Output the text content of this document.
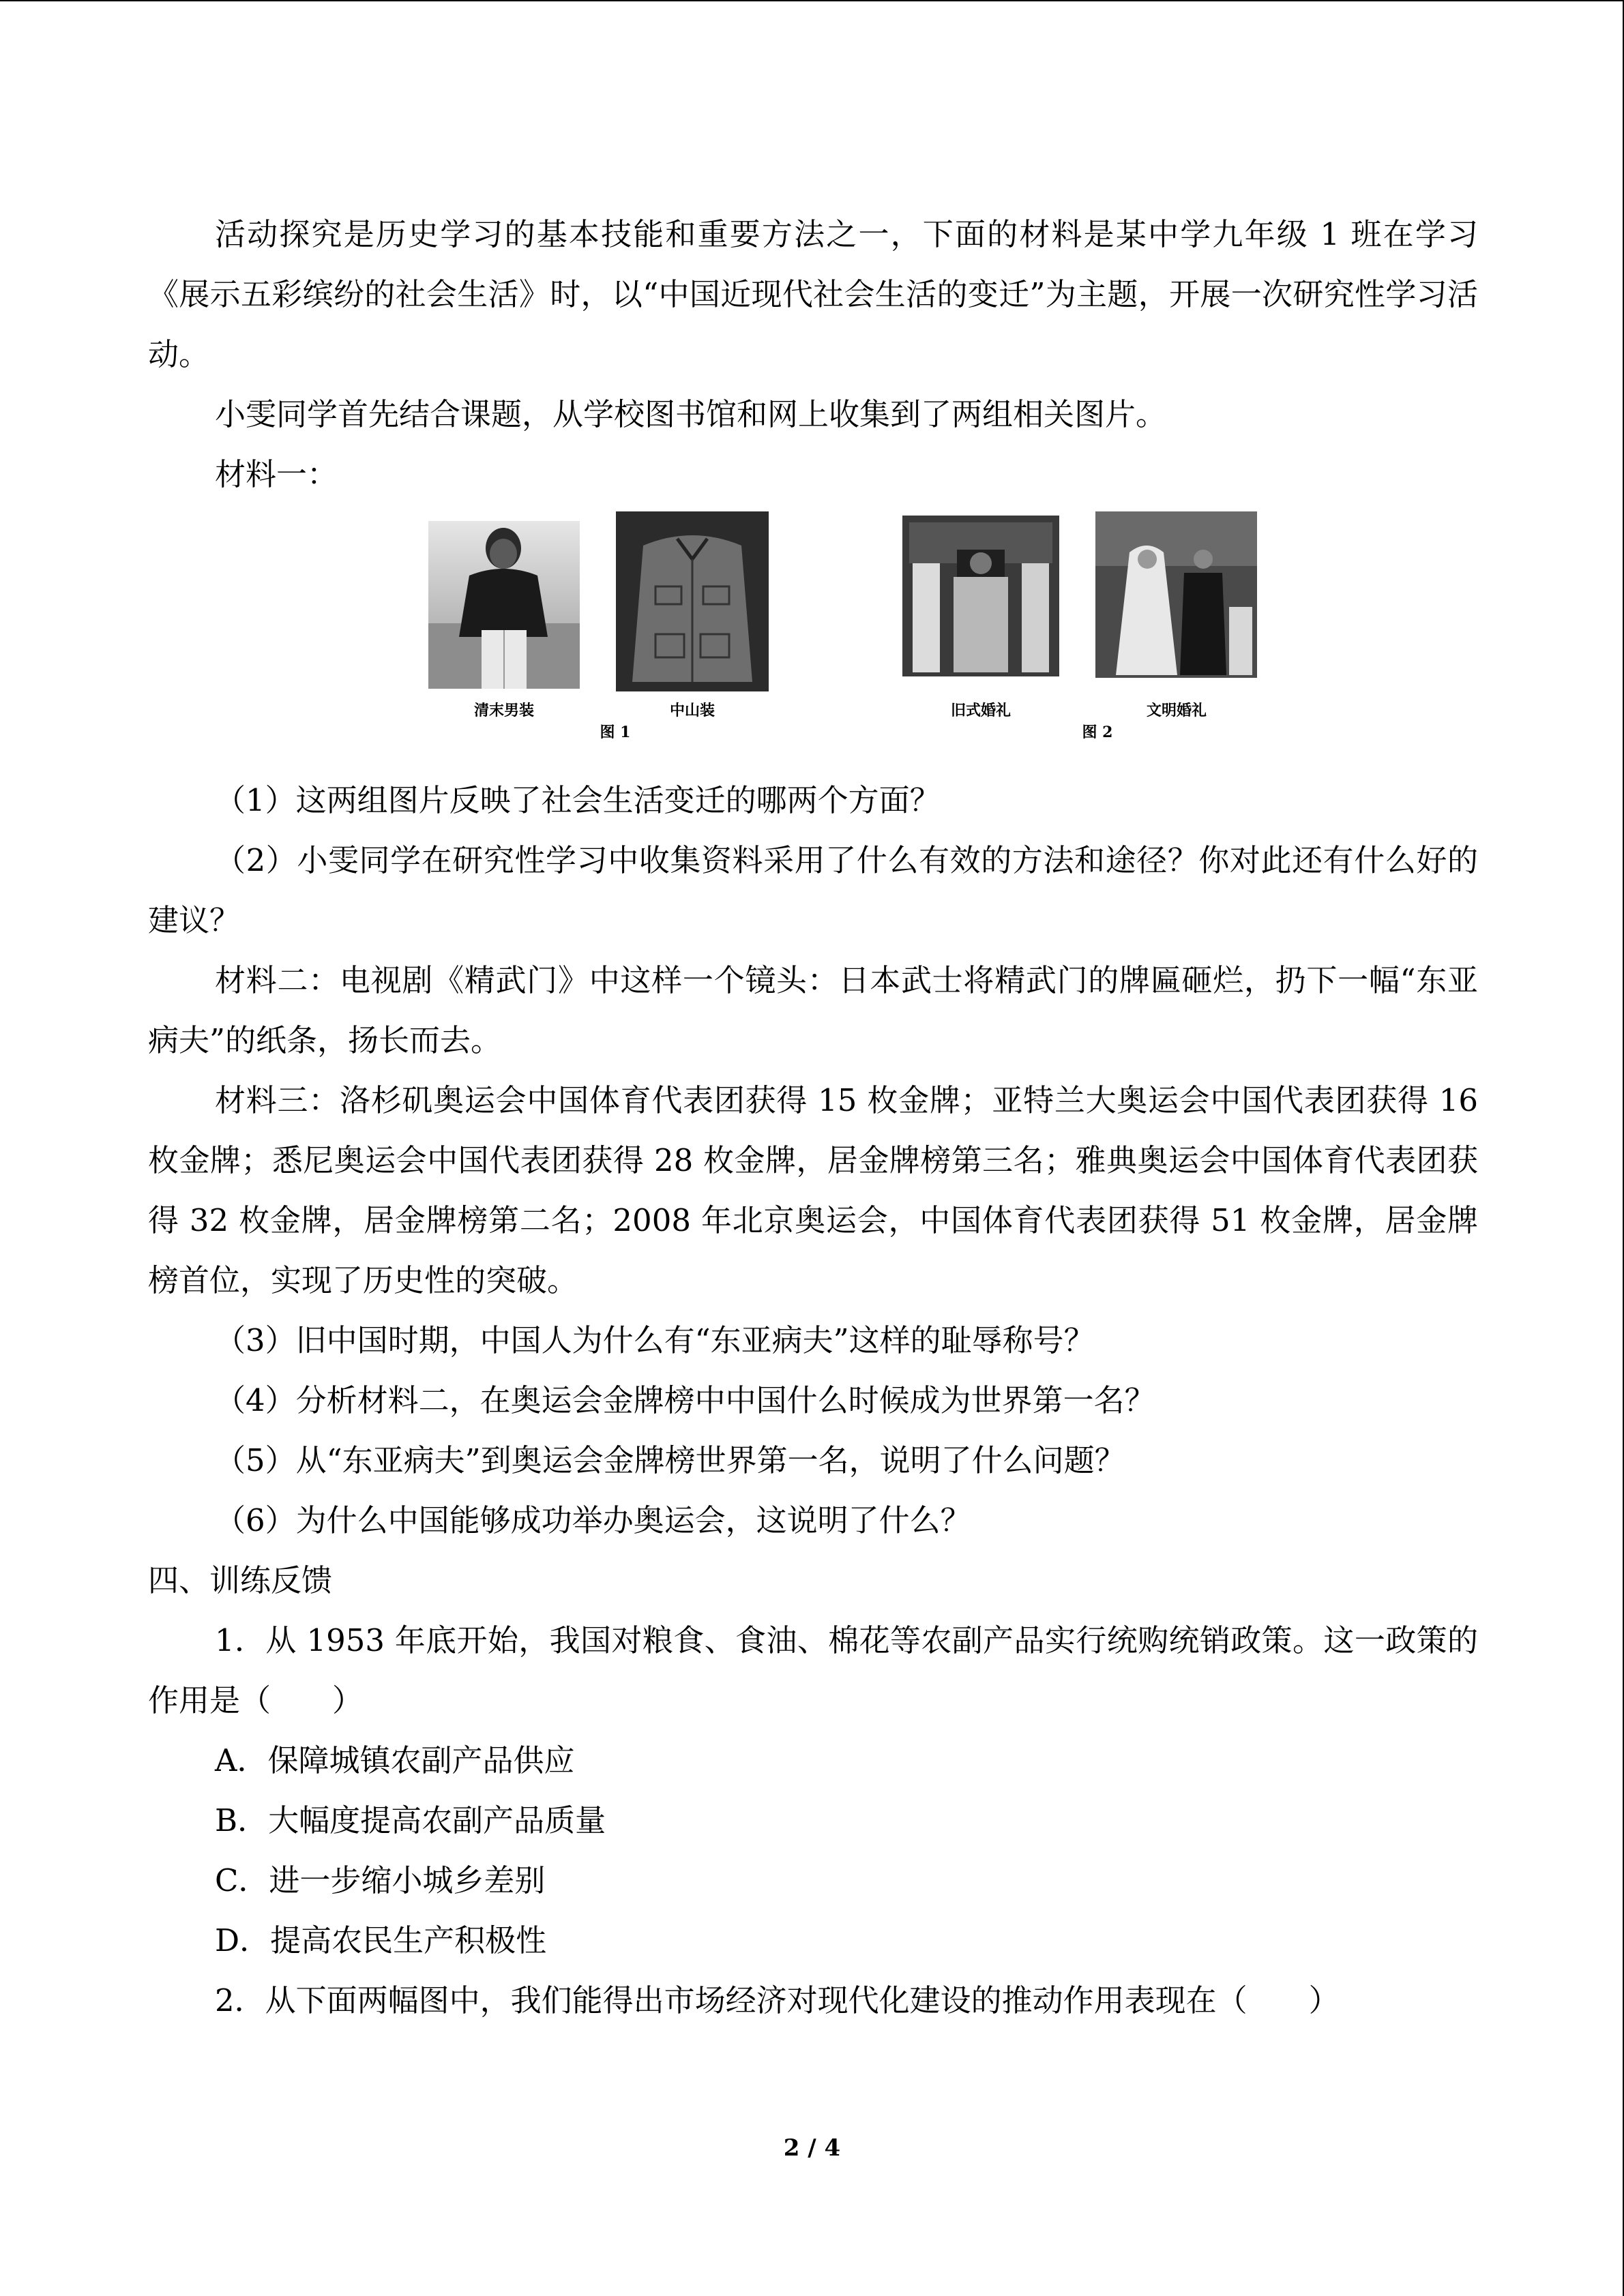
活动探究是历史学习的基本技能和重要方法之一，下面的材料是某中学九年级 1 班在学习《展示五彩缤纷的社会生活》时，以“中国近现代社会生活的变迁”为主题，开展一次研究性学习活动。

小雯同学首先结合课题，从学校图书馆和网上收集到了两组相关图片。

材料一：

清末男装	中山装
图 1
旧式婚礼	文明婚礼
图 2

（1）这两组图片反映了社会生活变迁的哪两个方面？

（2）小雯同学在研究性学习中收集资料采用了什么有效的方法和途径？你对此还有什么好的建议？

材料二：电视剧《精武门》中这样一个镜头：日本武士将精武门的牌匾砸烂，扔下一幅“东亚病夫”的纸条，扬长而去。

材料三：洛杉矶奥运会中国体育代表团获得 15 枚金牌；亚特兰大奥运会中国代表团获得 16 枚金牌；悉尼奥运会中国代表团获得 28 枚金牌，居金牌榜第三名；雅典奥运会中国体育代表团获得 32 枚金牌，居金牌榜第二名；2008 年北京奥运会，中国体育代表团获得 51 枚金牌，居金牌榜首位，实现了历史性的突破。

（3）旧中国时期，中国人为什么有“东亚病夫”这样的耻辱称号？

（4）分析材料二，在奥运会金牌榜中中国什么时候成为世界第一名？

（5）从“东亚病夫”到奥运会金牌榜世界第一名，说明了什么问题？

（6）为什么中国能够成功举办奥运会，这说明了什么？

四、训练反馈

1．从 1953 年底开始，我国对粮食、食油、棉花等农副产品实行统购统销政策。这一政策的作用是（　　）

A．保障城镇农副产品供应

B．大幅度提高农副产品质量

C．进一步缩小城乡差别

D．提高农民生产积极性

2．从下面两幅图中，我们能得出市场经济对现代化建设的推动作用表现在（　　）

2 / 4
